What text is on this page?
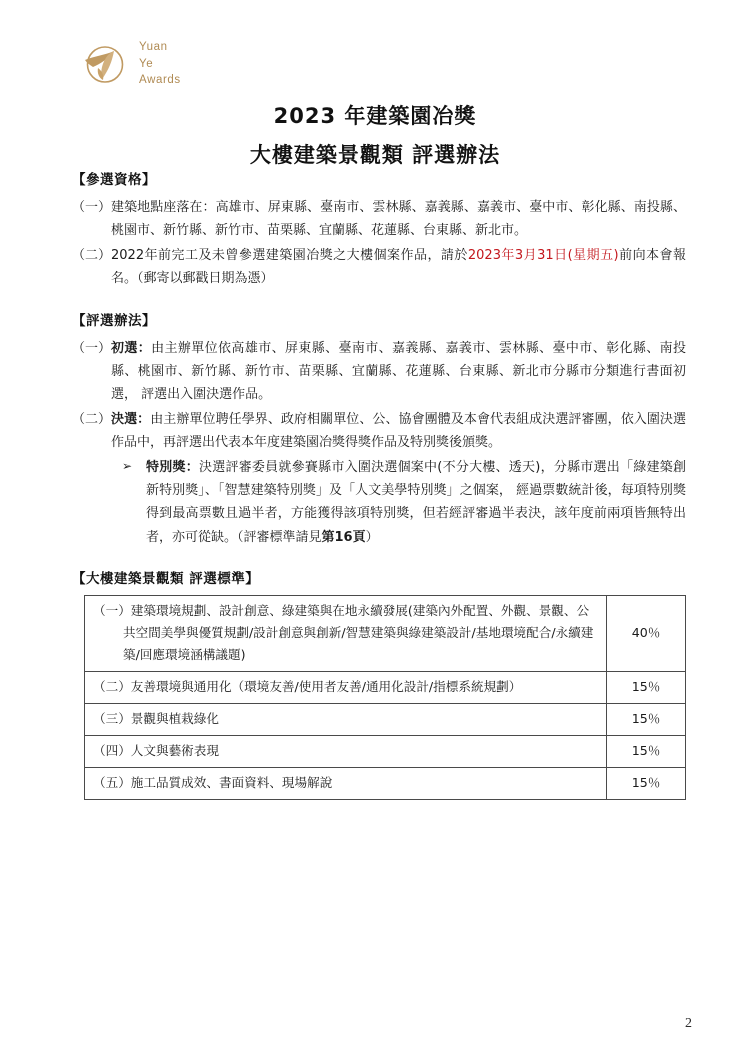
Yuan
Ye
Awards
2023 年建築園冶獎
大樓建築景觀類 評選辦法
【參選資格】
（一） 建築地點座落在：高雄市、屏東縣、臺南市、雲林縣、嘉義縣、嘉義市、臺中市、彰化縣、南投縣、桃園市、新竹縣、新竹市、苗栗縣、宜蘭縣、花蓮縣、台東縣、新北市。
（二） 2022年前完工及未曾參選建築園冶獎之大樓個案作品，請於2023年3月31日(星期五)前向本會報名。（郵寄以郵戳日期為憑）
【評選辦法】
（一） 初選：由主辦單位依高雄市、屏東縣、臺南市、嘉義縣、嘉義市、雲林縣、臺中市、彰化縣、南投縣、桃園市、新竹縣、新竹市、苗栗縣、宜蘭縣、花蓮縣、台東縣、新北市分縣市分類進行書面初選， 評選出入圍決選作品。
（二） 決選：由主辦單位聘任學界、政府相關單位、公、協會團體及本會代表組成決選評審團，依入圍決選作品中，再評選出代表本年度建築園冶獎得獎作品及特別獎後頒獎。
➢	特別獎：決選評審委員就參賽縣市入圍決選個案中(不分大樓、透天)，分縣市選出「綠建築創新特別獎」、「智慧建築特別獎」及「人文美學特別獎」之個案， 經過票數統計後，每項特別獎得到最高票數且過半者，方能獲得該項特別獎，但若經評審過半表決，該年度前兩項皆無特出者，亦可從缺。（評審標準請見第16頁）
【大樓建築景觀類 評選標準】
（一）建築環境規劃、設計創意、綠建築與在地永續發展(建築內外配置、外觀、景觀、公共空間美學與優質規劃/設計創意與創新/智慧建築與綠建築設計/基地環境配合/永續建築/回應環境涵構議題)	40％

（二）友善環境與通用化（環境友善/使用者友善/通用化設計/指標系統規劃）	15％

（三）景觀與植栽綠化	15％

（四）人文與藝術表現	15％

（五）施工品質成效、書面資料、現場解說	15％
2
